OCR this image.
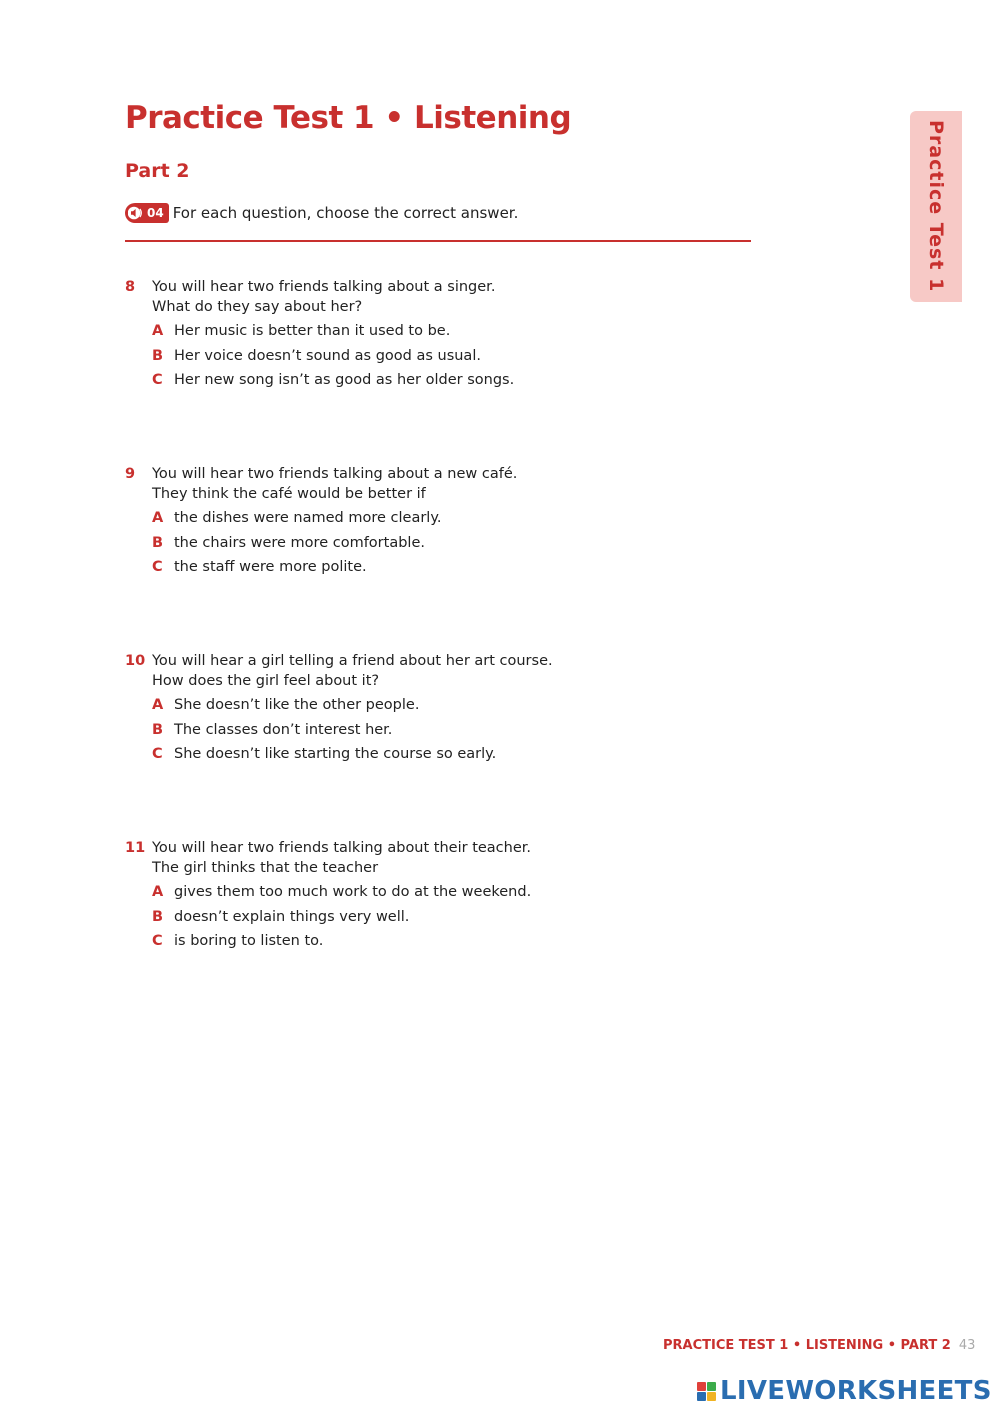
Practice Test 1 • Listening
Part 2
04 For each question, choose the correct answer.	Practice Test 1
8 You will hear two friends talking about a singer.
What do they say about her?
A Her music is better than it used to be.
B Her voice doesn’t sound as good as usual.
C Her new song isn’t as good as her older songs.
9 You will hear two friends talking about a new café.
They think the café would be better if
A the dishes were named more clearly.
B the chairs were more comfortable.
C the staff were more polite.
10 You will hear a girl telling a friend about her art course.
How does the girl feel about it?
A She doesn’t like the other people.
B The classes don’t interest her.
C She doesn’t like starting the course so early.
11 You will hear two friends talking about their teacher.
The girl thinks that the teacher
A gives them too much work to do at the weekend.
B doesn’t explain things very well.
C is boring to listen to.
PRACTICE TEST 1 • LISTENING • PART 2 43
LIVEWORKSHEETS
